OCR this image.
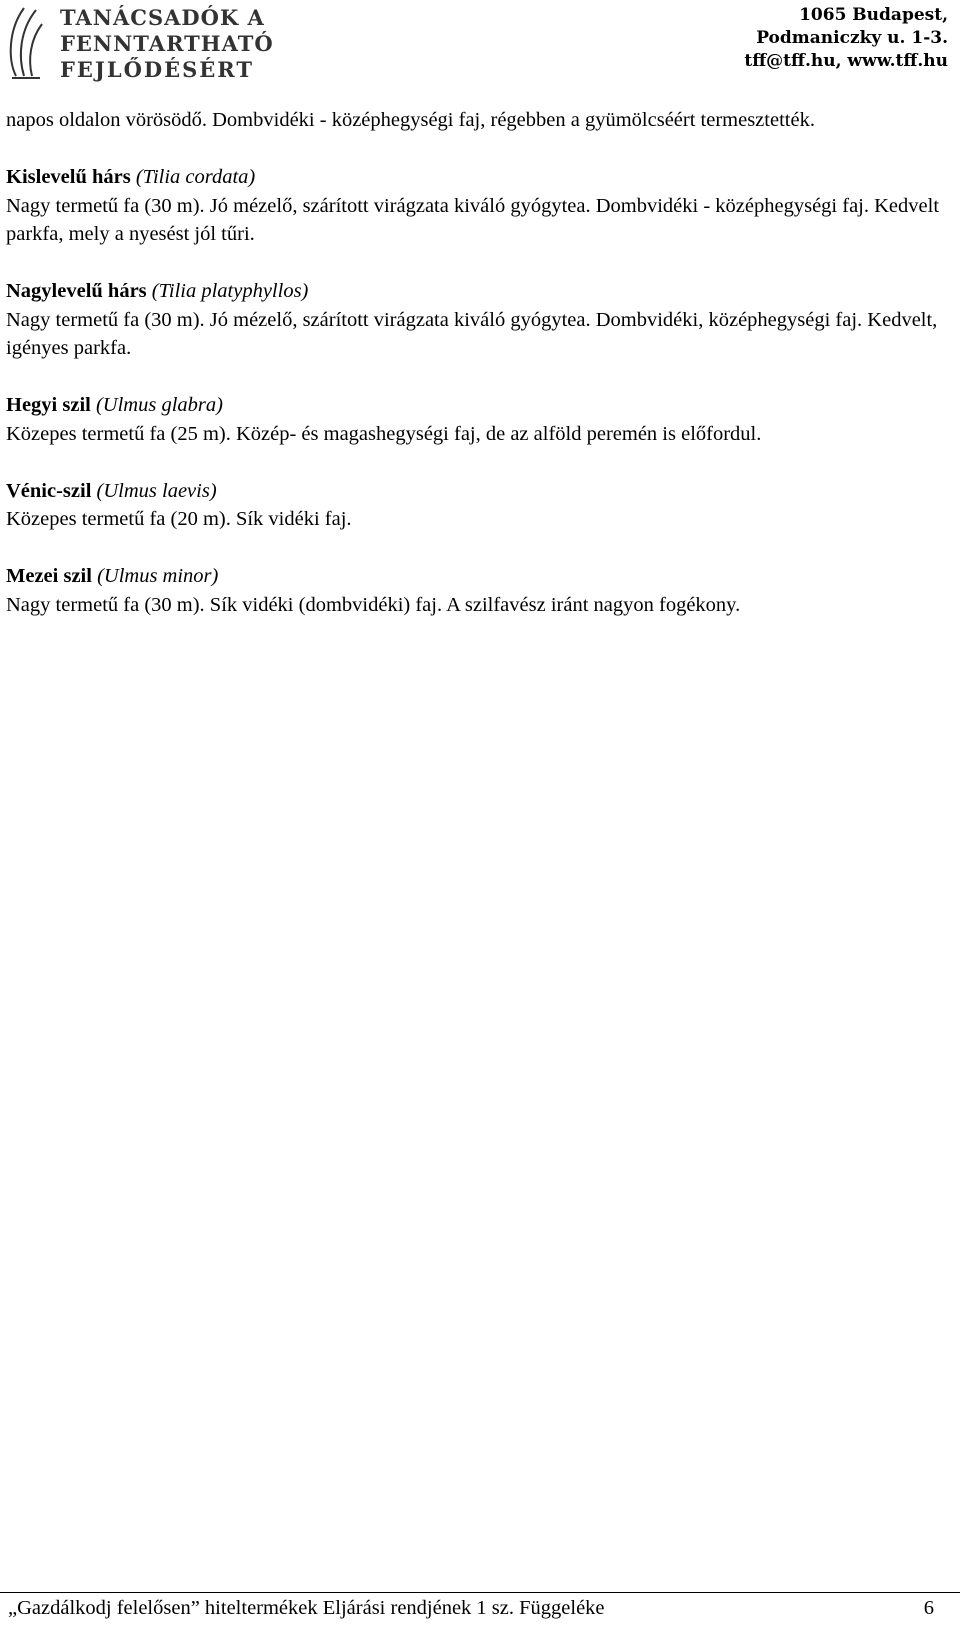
TANÁCSADÓK A
FENNTARTHATÓ
FEJLŐDÉSÉRT
1065 Budapest,
Podmaniczky u. 1-3.
tff@tff.hu, www.tff.hu

napos oldalon vörösödő. Dombvidéki - középhegységi faj, régebben a gyümölcséért termesztették.

Kislevelű hárs (Tilia cordata)

Nagy termetű fa (30 m). Jó mézelő, szárított virágzata kiváló gyógytea. Dombvidéki - középhegységi faj. Kedvelt parkfa, mely a nyesést jól tűri.

Nagylevelű hárs (Tilia platyphyllos)

Nagy termetű fa (30 m). Jó mézelő, szárított virágzata kiváló gyógytea. Dombvidéki, középhegységi faj. Kedvelt, igényes parkfa.

Hegyi szil (Ulmus glabra)

Közepes termetű fa (25 m). Közép- és magashegységi faj, de az alföld peremén is előfordul.

Vénic-szil (Ulmus laevis)

Közepes termetű fa (20 m). Sík vidéki faj.

Mezei szil (Ulmus minor)

Nagy termetű fa (30 m). Sík vidéki (dombvidéki) faj. A szilfavész iránt nagyon fogékony.

„Gazdálkodj felelősen” hiteltermékek Eljárási rendjének 1 sz. Függeléke	6
